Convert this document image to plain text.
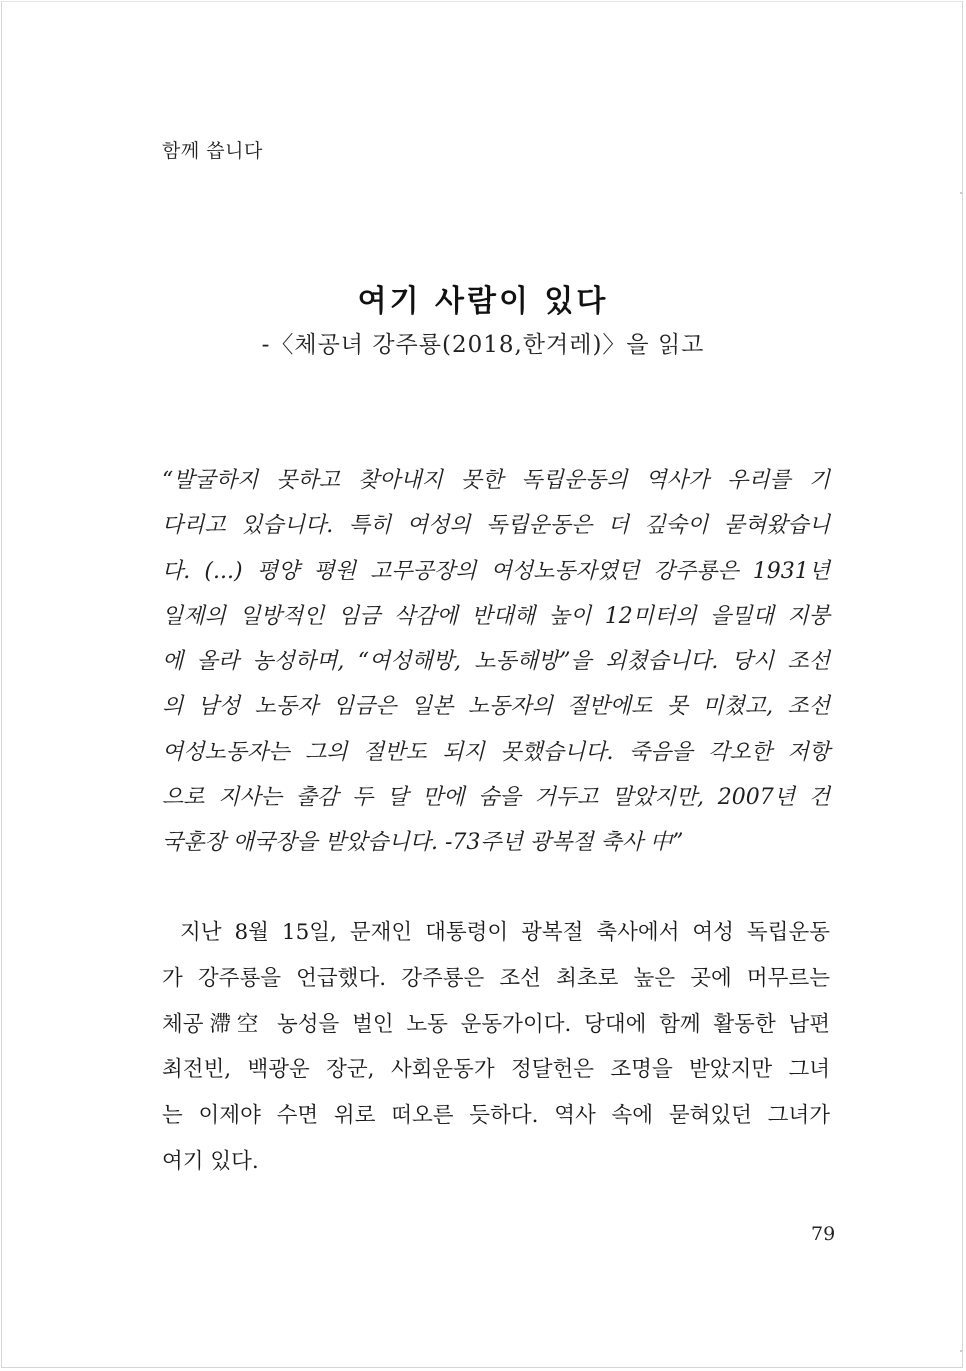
함께 씁니다
여기 사람이 있다
-〈체공녀 강주룡(2018,한겨레)〉을 읽고
“발굴하지 못하고 찾아내지 못한 독립운동의 역사가 우리를 기
다리고 있습니다. 특히 여성의 독립운동은 더 깊숙이 묻혀왔습니
다. (...) 평양 평원 고무공장의 여성노동자였던 강주룡은 1931년
일제의 일방적인 임금 삭감에 반대해 높이 12미터의 을밀대 지붕
에 올라 농성하며, “여성해방, 노동해방”을 외쳤습니다. 당시 조선
의 남성 노동자 임금은 일본 노동자의 절반에도 못 미쳤고, 조선
여성노동자는 그의 절반도 되지 못했습니다. 죽음을 각오한 저항
으로 지사는 출감 두 달 만에 숨을 거두고 말았지만, 2007년 건
국훈장 애국장을 받았습니다. -73주년 광복절 축사 中”
지난 8월 15일, 문재인 대통령이 광복절 축사에서 여성 독립운동
가 강주룡을 언급했다. 강주룡은 조선 최초로 높은 곳에 머무르는
체공滯空 농성을 벌인 노동 운동가이다. 당대에 함께 활동한 남편
최전빈, 백광운 장군, 사회운동가 정달헌은 조명을 받았지만 그녀
는 이제야 수면 위로 떠오른 듯하다. 역사 속에 묻혀있던 그녀가
여기 있다.
79
